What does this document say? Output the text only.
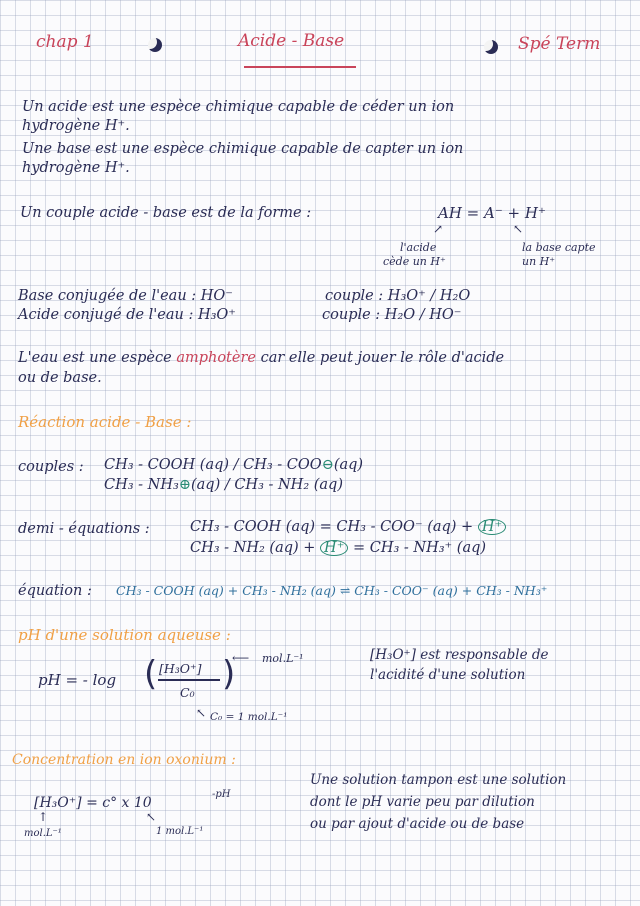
chap 1	Acide - Base	Spé Term
Un acide est une espèce chimique capable de céder un ion
hydrogène H⁺.
Une base est une espèce chimique capable de capter un ion
hydrogène H⁺.
Un couple acide - base est de la forme :	AH = A⁻ + H⁺
↗	↖
l'acide
cède un H⁺
la base capte
un H⁺
Base conjugée de l'eau : HO⁻	couple : H₃O⁺ / H₂O
Acide conjugé de l'eau : H₃O⁺	couple : H₂O / HO⁻
L'eau est une espèce amphotère car elle peut jouer le rôle d'acide
ou de base.
Réaction acide - Base :
couples : CH₃ - COOH (aq) / CH₃ - COO⊖(aq)
CH₃ - NH₃⊕(aq) / CH₃ - NH₂ (aq)
demi - équations :	CH₃ - COOH (aq) = CH₃ - COO⁻ (aq) + H⁺
CH₃ - NH₂ (aq) + H⁺ = CH₃ - NH₃⁺ (aq)
équation : CH₃ - COOH (aq) + CH₃ - NH₂ (aq) ⇌ CH₃ - COO⁻ (aq) + CH₃ - NH₃⁺
pH d'une solution aqueuse :
pH = - log ( [H₃O⁺]
C₀ )
⟵ mol.L⁻¹
↖ C₀ = 1 mol.L⁻¹
[H₃O⁺] est responsable de
l'acidité d'une solution
Concentration en ion oxonium :
[H₃O⁺] = c° x 10
-pH
↑
mol.L⁻¹
↖
1 mol.L⁻¹
Une solution tampon est une solution
dont le pH varie peu par dilution
ou par ajout d'acide ou de base
